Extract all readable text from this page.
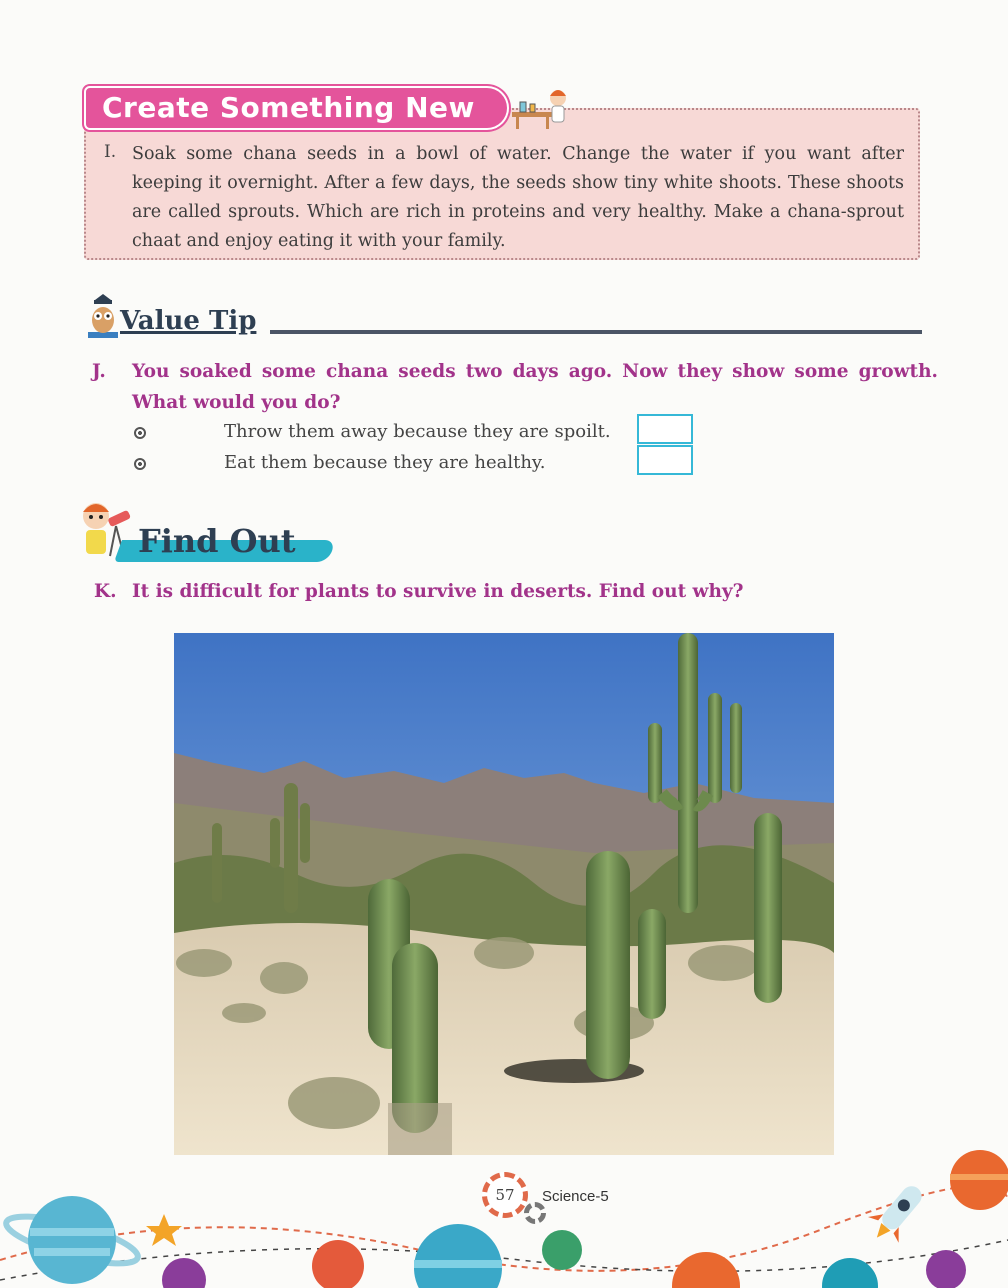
Create Something New
I. Soak some chana seeds in a bowl of water. Change the water if you want after keeping it overnight. After a few days, the seeds show tiny white shoots. These shoots are called sprouts. Which are rich in proteins and very healthy. Make a chana-sprout chaat and enjoy eating it with your family.
Value Tip
J. You soaked some chana seeds two days ago. Now they show some growth. What would you do?
Throw them away because they are spoilt.
Eat them because they are healthy.
Find Out
K. It is difficult for plants to survive in deserts. Find out why?
57	Science-5
